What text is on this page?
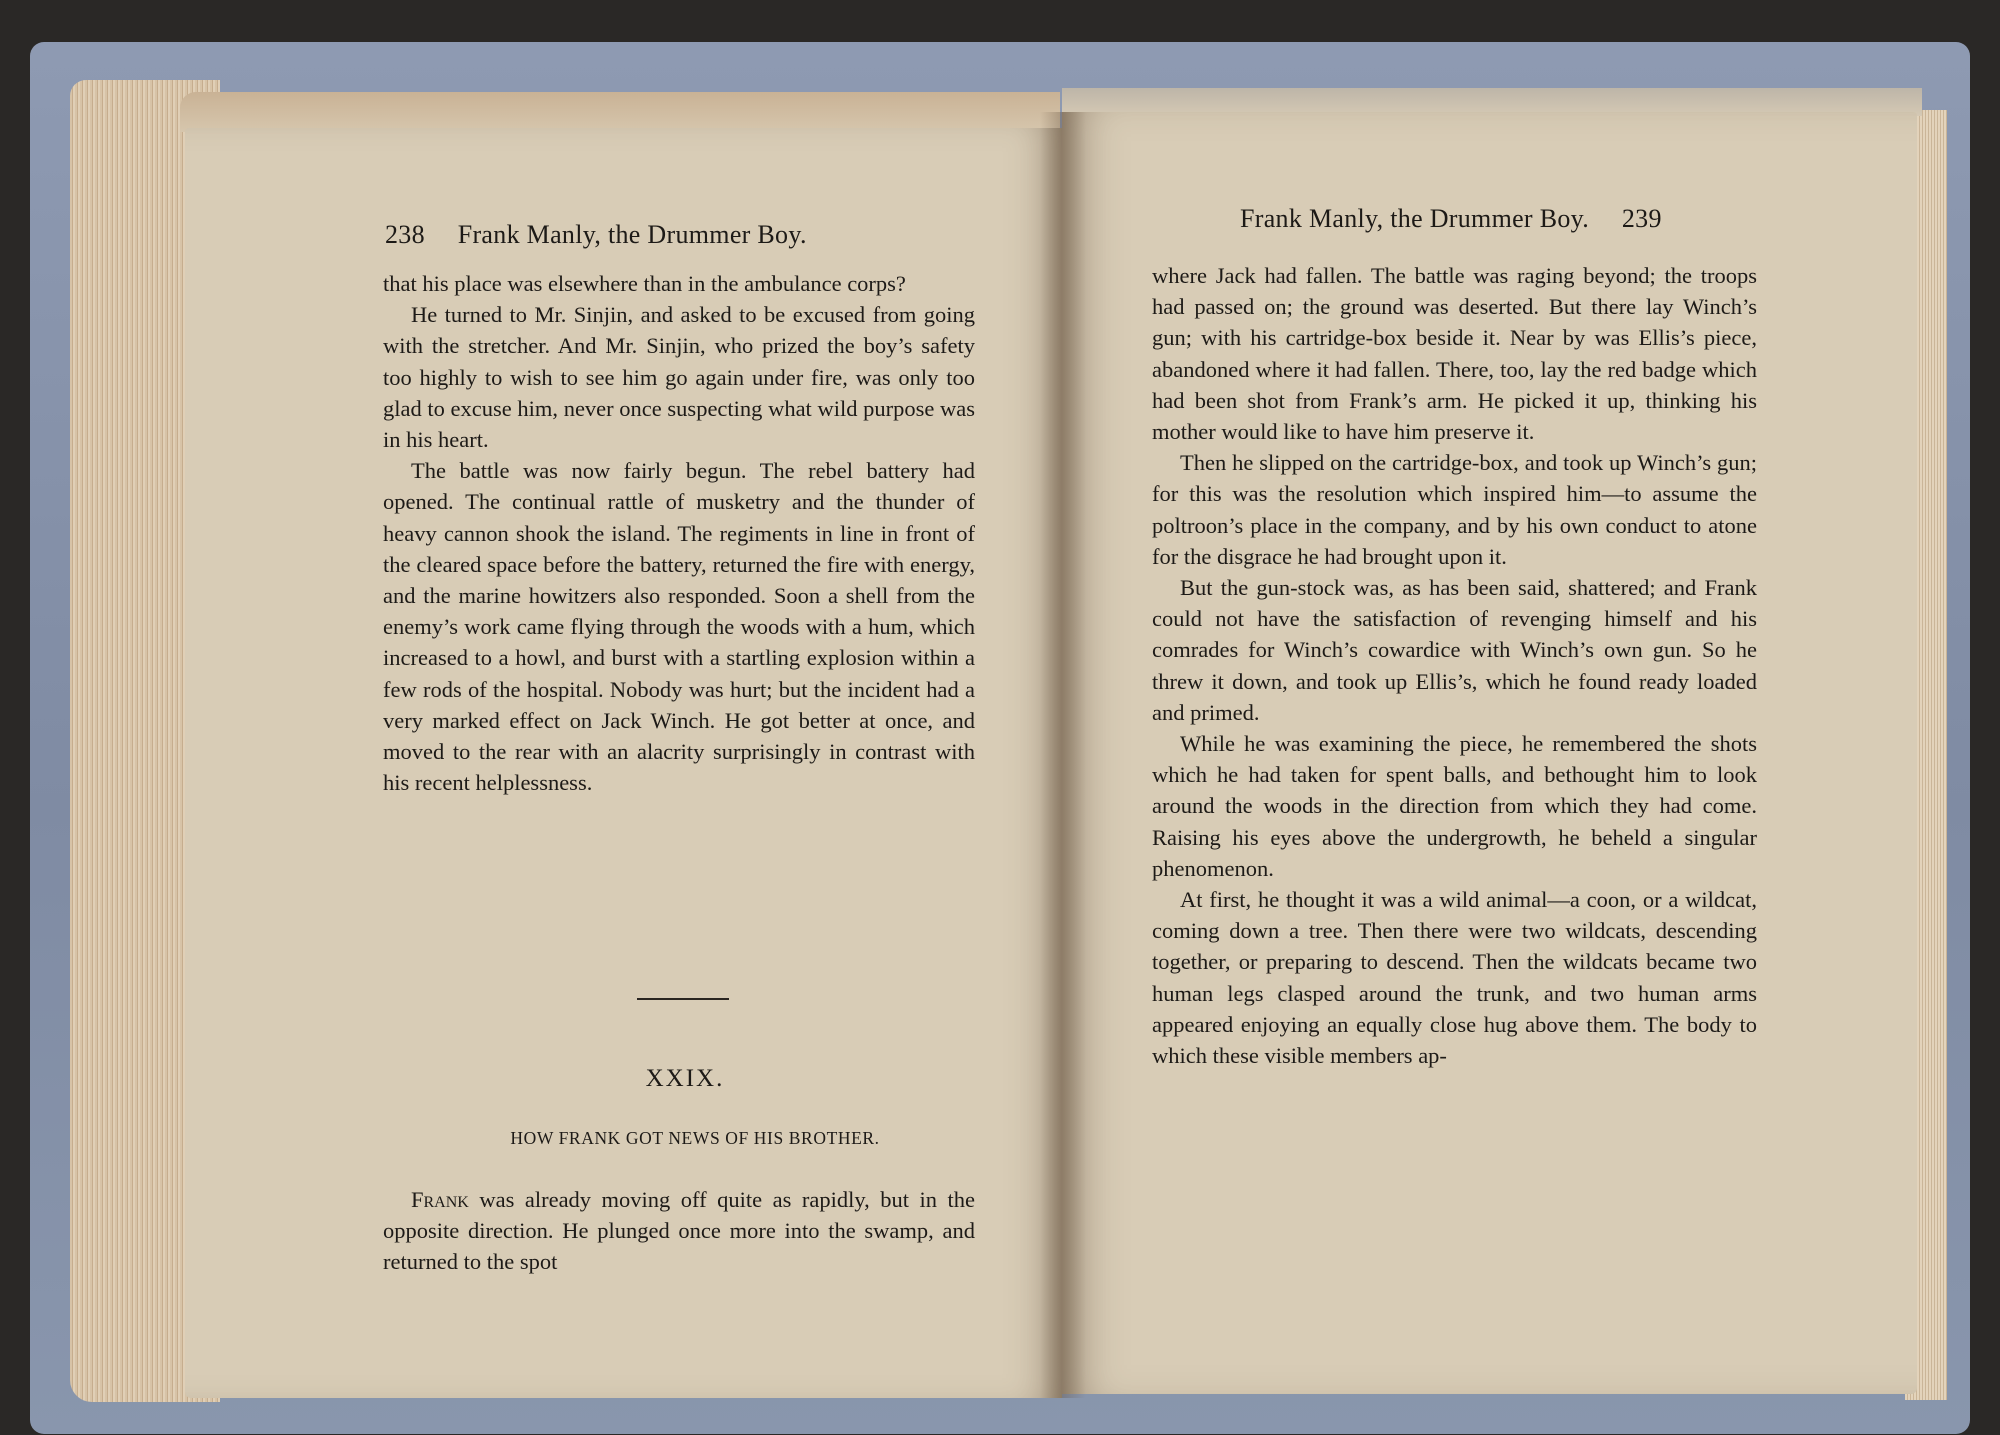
238 Frank Manly, the Drummer Boy.

that his place was elsewhere than in the ambulance corps?

He turned to Mr. Sinjin, and asked to be excused from going with the stretcher. And Mr. Sinjin, who prized the boy’s safety too highly to wish to see him go again under fire, was only too glad to excuse him, never once suspecting what wild purpose was in his heart.

The battle was now fairly begun. The rebel battery had opened. The continual rattle of musketry and the thunder of heavy cannon shook the island. The regiments in line in front of the cleared space before the battery, returned the fire with energy, and the marine howitzers also responded. Soon a shell from the enemy’s work came flying through the woods with a hum, which increased to a howl, and burst with a startling explosion within a few rods of the hospital. Nobody was hurt; but the incident had a very marked effect on Jack Winch. He got better at once, and moved to the rear with an alacrity surprisingly in contrast with his recent helplessness.

XXIX.
HOW FRANK GOT NEWS OF HIS BROTHER.

Frank was already moving off quite as rapidly, but in the opposite direction. He plunged once more into the swamp, and returned to the spot

Frank Manly, the Drummer Boy. 239

where Jack had fallen. The battle was raging beyond; the troops had passed on; the ground was deserted. But there lay Winch’s gun; with his cartridge-box beside it. Near by was Ellis’s piece, abandoned where it had fallen. There, too, lay the red badge which had been shot from Frank’s arm. He picked it up, thinking his mother would like to have him preserve it.

Then he slipped on the cartridge-box, and took up Winch’s gun; for this was the resolution which inspired him—to assume the poltroon’s place in the company, and by his own conduct to atone for the disgrace he had brought upon it.

But the gun-stock was, as has been said, shattered; and Frank could not have the satisfaction of revenging himself and his comrades for Winch’s cowardice with Winch’s own gun. So he threw it down, and took up Ellis’s, which he found ready loaded and primed.

While he was examining the piece, he remembered the shots which he had taken for spent balls, and bethought him to look around the woods in the direction from which they had come. Raising his eyes above the undergrowth, he beheld a singular phenomenon.

At first, he thought it was a wild animal—a coon, or a wildcat, coming down a tree. Then there were two wildcats, descending together, or preparing to descend. Then the wildcats became two human legs clasped around the trunk, and two human arms appeared enjoying an equally close hug above them. The body to which these visible members ap-
